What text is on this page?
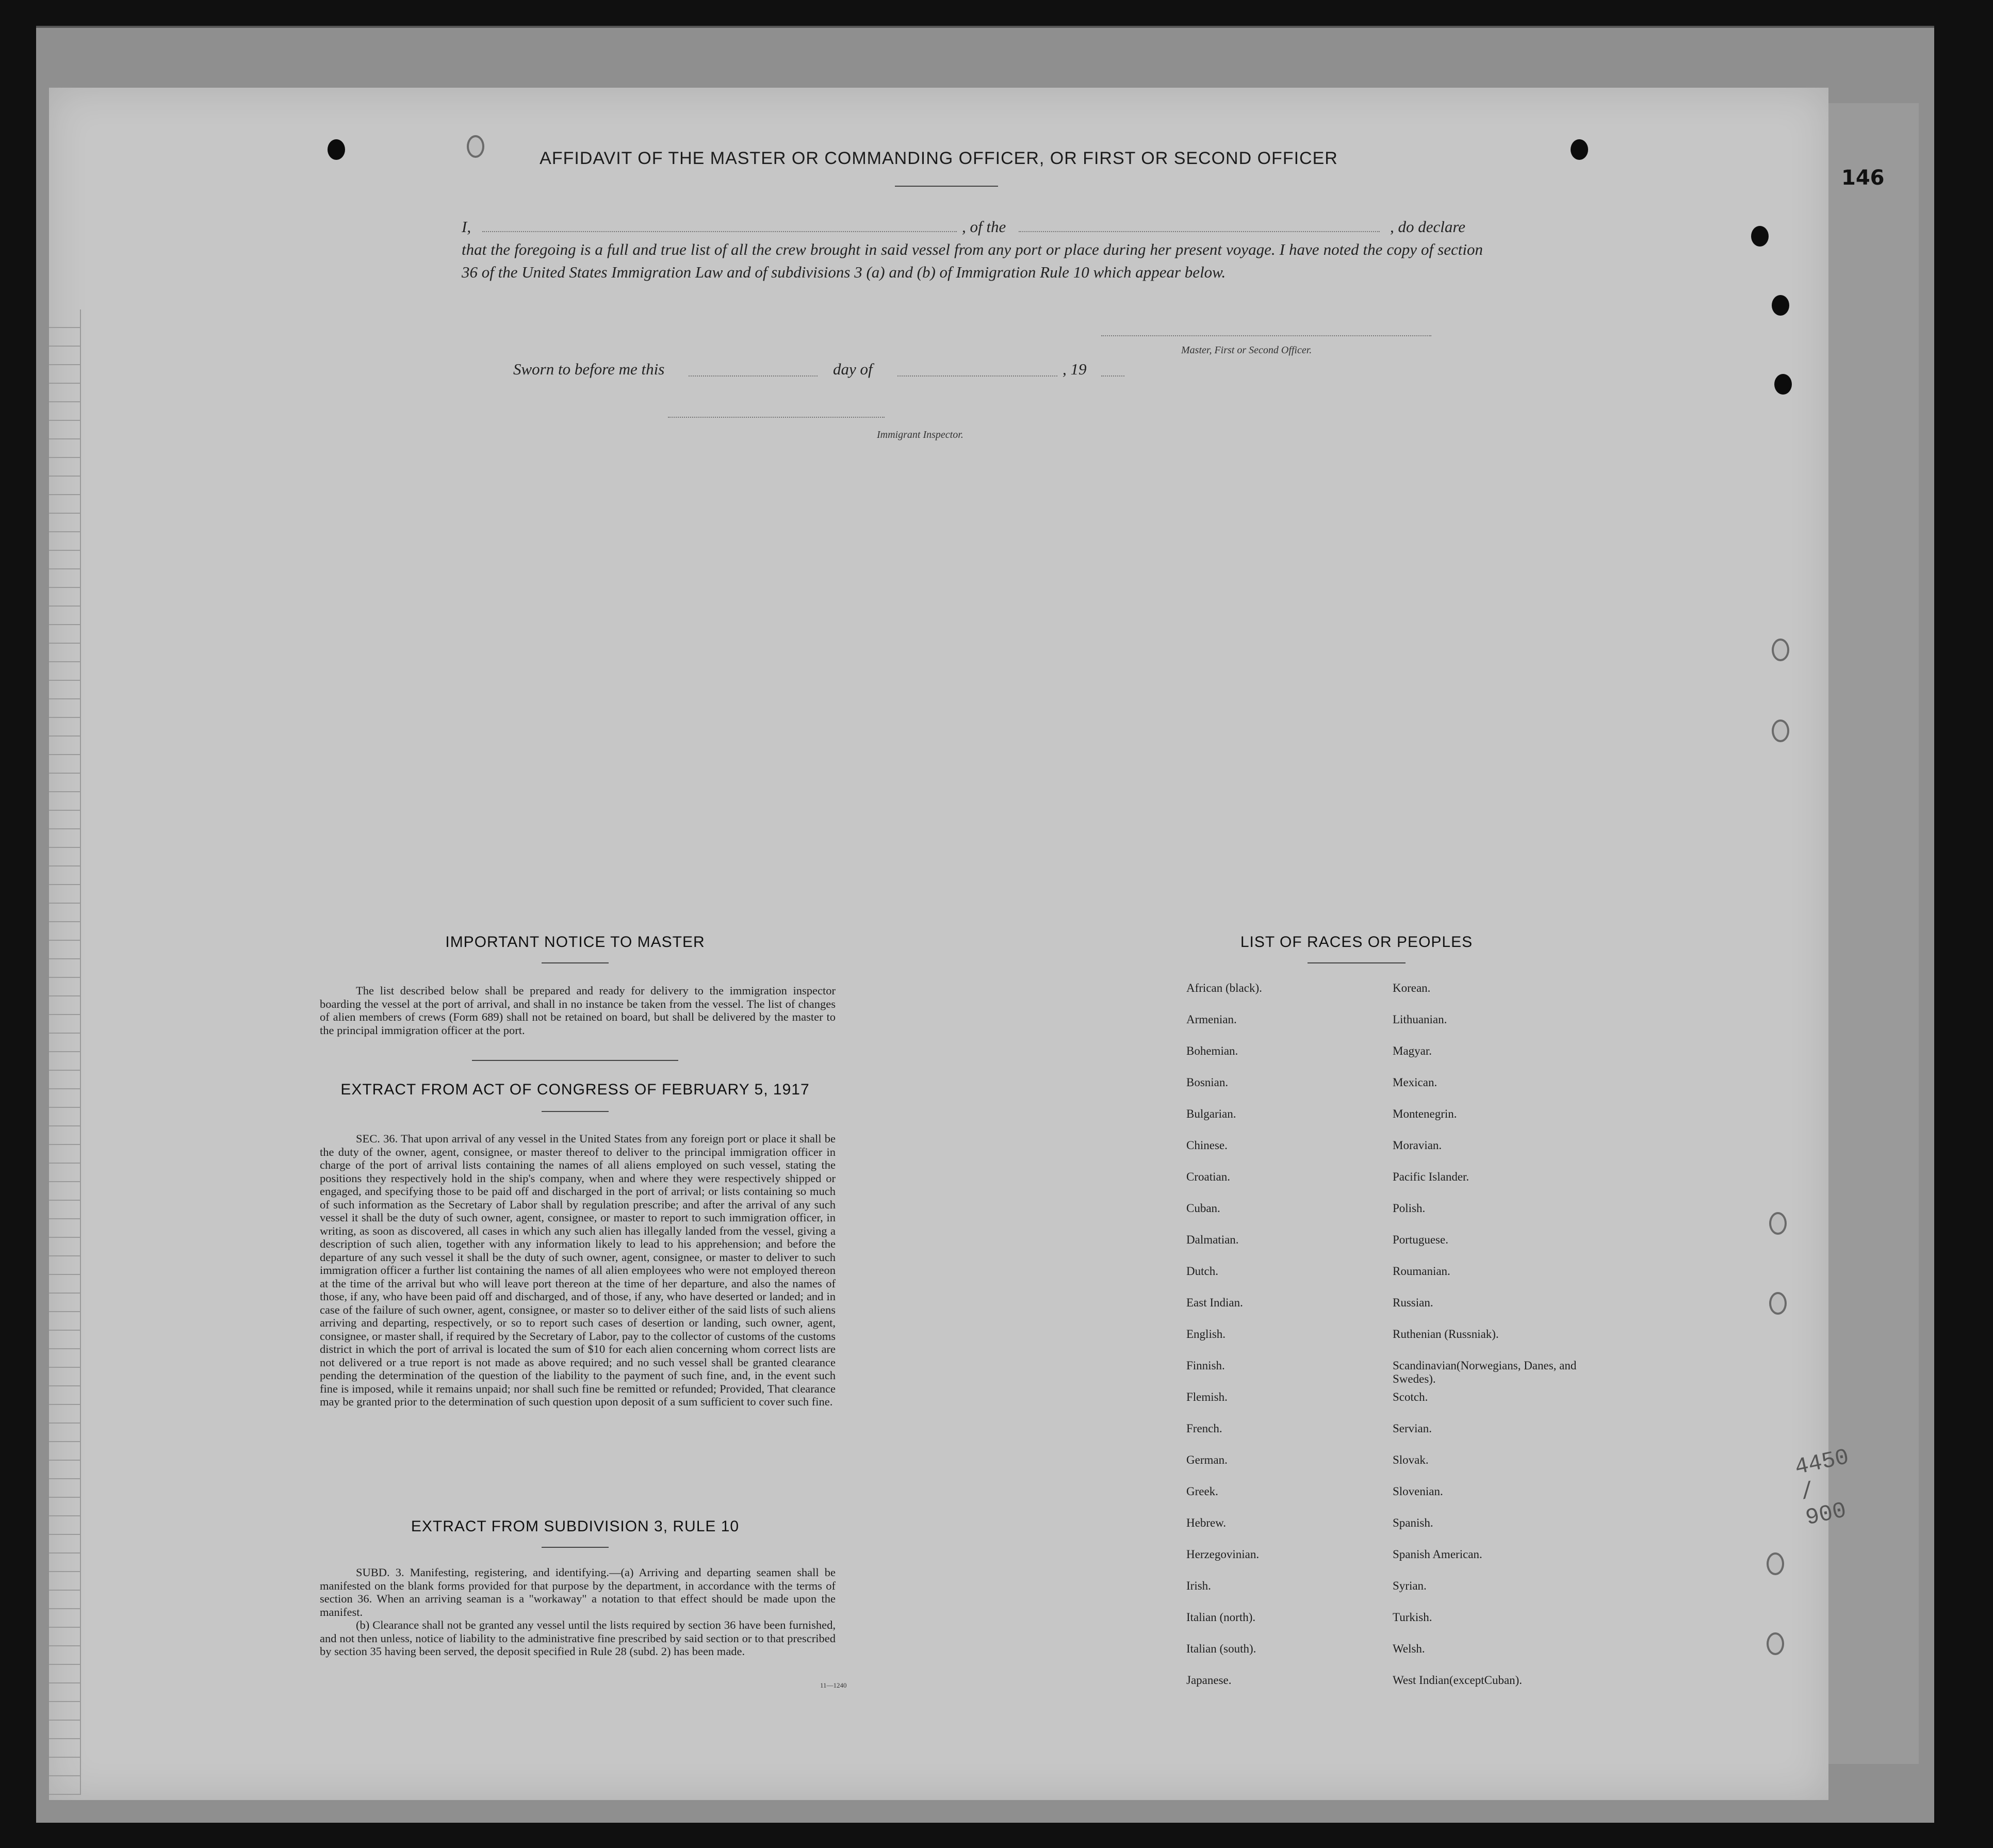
146
AFFIDAVIT OF THE MASTER OR COMMANDING OFFICER, OR FIRST OR SECOND OFFICER
I,	, of the	, do declare
that the foregoing is a full and true list of all the crew brought in said vessel from any port or place during her present voyage. I have noted the copy of section 36 of the United States Immigration Law and of subdivisions 3 (a) and (b) of Immigration Rule 10 which appear below.
Master, First or Second Officer.
Sworn to before me this	day of	, 19
Immigrant Inspector.
IMPORTANT NOTICE TO MASTER

The list described below shall be prepared and ready for delivery to the immigration inspector boarding the vessel at the port of arrival, and shall in no instance be taken from the vessel. The list of changes of alien members of crews (Form 689) shall not be retained on board, but shall be delivered by the master to the principal immigration officer at the port.

EXTRACT FROM ACT OF CONGRESS OF FEBRUARY 5, 1917

SEC. 36. That upon arrival of any vessel in the United States from any foreign port or place it shall be the duty of the owner, agent, consignee, or master thereof to deliver to the principal immigration officer in charge of the port of arrival lists containing the names of all aliens employed on such vessel, stating the positions they respectively hold in the ship's company, when and where they were respectively shipped or engaged, and specifying those to be paid off and discharged in the port of arrival; or lists containing so much of such information as the Secretary of Labor shall by regulation prescribe; and after the arrival of any such vessel it shall be the duty of such owner, agent, consignee, or master to report to such immigration officer, in writing, as soon as discovered, all cases in which any such alien has illegally landed from the vessel, giving a description of such alien, together with any information likely to lead to his apprehension; and before the departure of any such vessel it shall be the duty of such owner, agent, consignee, or master to deliver to such immigration officer a further list containing the names of all alien employees who were not employed thereon at the time of the arrival but who will leave port thereon at the time of her departure, and also the names of those, if any, who have been paid off and discharged, and of those, if any, who have deserted or landed; and in case of the failure of such owner, agent, consignee, or master so to deliver either of the said lists of such aliens arriving and departing, respectively, or so to report such cases of desertion or landing, such owner, agent, consignee, or master shall, if required by the Secretary of Labor, pay to the collector of customs of the customs district in which the port of arrival is located the sum of $10 for each alien concerning whom correct lists are not delivered or a true report is not made as above required; and no such vessel shall be granted clearance pending the determination of the question of the liability to the payment of such fine, and, in the event such fine is imposed, while it remains unpaid; nor shall such fine be remitted or refunded; Provided, That clearance may be granted prior to the determination of such question upon deposit of a sum sufficient to cover such fine.

EXTRACT FROM SUBDIVISION 3, RULE 10

SUBD. 3. Manifesting, registering, and identifying.—(a) Arriving and departing seamen shall be manifested on the blank forms provided for that purpose by the department, in accordance with the terms of section 36. When an arriving seaman is a "workaway" a notation to that effect should be made upon the manifest.

(b) Clearance shall not be granted any vessel until the lists required by section 36 have been furnished, and not then unless, notice of liability to the administrative fine prescribed by said section or to that prescribed by section 35 having been served, the deposit specified in Rule 28 (subd. 2) has been made.

11—1240
LIST OF RACES OR PEOPLES
African (black).
Armenian.
Bohemian.
Bosnian.
Bulgarian.
Chinese.
Croatian.
Cuban.
Dalmatian.
Dutch.
East Indian.
English.
Finnish.
Flemish.
French.
German.
Greek.
Hebrew.
Herzegovinian.
Irish.
Italian (north).
Italian (south).
Japanese.
Korean.
Lithuanian.
Magyar.
Mexican.
Montenegrin.
Moravian.
Pacific Islander.
Polish.
Portuguese.
Roumanian.
Russian.
Ruthenian (Russniak).
Scandinavian(Norwegians, Danes, and Swedes).
Scotch.
Servian.
Slovak.
Slovenian.
Spanish.
Spanish American.
Syrian.
Turkish.
Welsh.
West Indian(exceptCuban).
4450 / 900
